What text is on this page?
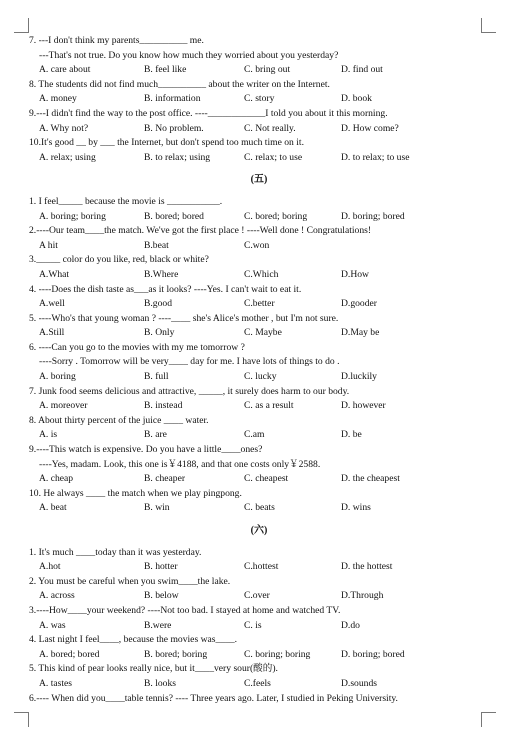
7. ---I don't think my parents__________ me.
---That's not true. Do you know how much they worried about you yesterday?
A. care about	B. feel like	C. bring out	D. find out
8. The students did not find much__________ about the writer on the Internet.
A. money	B. information	C. story	D. book
9.---I didn't find the way to the post office. ----____________I told you about it this morning.
A. Why not?	B. No problem.	C. Not really.	D. How come?
10.It's good __ by ___ the Internet, but don't spend too much time on it.
A. relax; using	B. to relax; using	C. relax; to use	D. to relax; to use
(五)
1. I feel_____ because the movie is ___________.
A. boring; boring	B. bored; bored	C. bored; boring	D. boring; bored
2.----Our team____the match. We've got the first place ! ----Well done ! Congratulations!
A hit	B.beat	C.won
3._____ color do you like, red, black or white?
A.What	B.Where	C.Which	D.How
4. ----Does the dish taste as___as it looks? ----Yes. I can't wait to eat it.
A.well	B.good	C.better	D.gooder
5. ----Who's that young woman ? ----____ she's Alice's mother , but I'm not sure.
A.Still	B. Only	C. Maybe	D.May be
6. ----Can you go to the movies with my me tomorrow ?
----Sorry . Tomorrow will be very____ day for me. I have lots of things to do .
A. boring	B. full	C. lucky	D.luckily
7. Junk food seems delicious and attractive, _____, it surely does harm to our body.
A. moreover	B. instead	C. as a result	D. however
8. About thirty percent of the juice ____ water.
A. is	B. are	C.am	D. be
9.----This watch is expensive. Do you have a little____ones?
----Yes, madam. Look, this one is￥4188, and that one costs only￥2588.
A. cheap	B. cheaper	C. cheapest	D. the cheapest
10. He always ____ the match when we play pingpong.
A. beat	B. win	C. beats	D. wins
(六)
1. It's much ____today than it was yesterday.
A.hot	B. hotter	C.hottest	D. the hottest
2. You must be careful when you swim____the lake.
A. across	B. below	C.over	D.Through
3.----How____your weekend? ----Not too bad. I stayed at home and watched TV.
A. was	B.were	C. is	D.do
4. Last night I feel____, because the movies was____.
A. bored; bored	B. bored; boring	C. boring; boring	D. boring; bored
5. This kind of pear looks really nice, but it____very sour(酸的).
A. tastes	B. looks	C.feels	D.sounds
6.---- When did you____table tennis? ---- Three years ago. Later, I studied in Peking University.
